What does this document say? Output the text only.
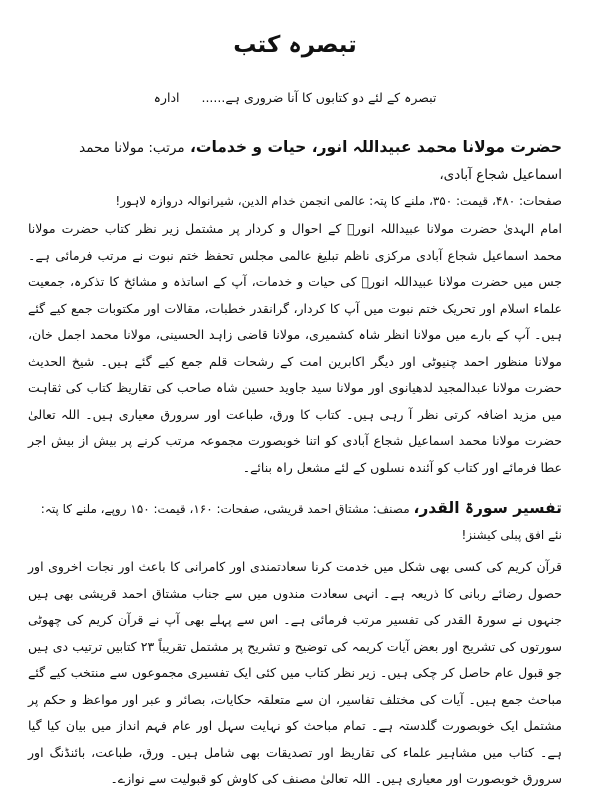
تبصرہ کتب
تبصرہ کے لئے دو کتابوں کا آنا ضروری ہے......ادارہ

حضرت مولانا محمد عبیداللہ انور، حیات و خدمات، مرتب: مولانا محمد اسماعیل شجاع آبادی،

صفحات: ۴۸۰، قیمت: ۳۵۰، ملنے کا پتہ: عالمی انجمن خدام الدین، شیرانوالہ دروازہ لاہور!

امام الہدیٰ حضرت مولانا عبیداللہ انورؒ کے احوال و کردار پر مشتمل زیر نظر کتاب حضرت مولانا محمد اسماعیل شجاع آبادی مرکزی ناظم تبلیغ عالمی مجلس تحفظ ختم نبوت نے مرتب فرمائی ہے۔ جس میں حضرت مولانا عبیداللہ انورؒ کی حیات و خدمات، آپ کے اساتذہ و مشائخ کا تذکرہ، جمعیت علماء اسلام اور تحریک ختم نبوت میں آپ کا کردار، گرانقدر خطبات، مقالات اور مکتوبات جمع کیے گئے ہیں۔ آپ کے بارے میں مولانا انظر شاہ کشمیری، مولانا قاضی زاہد الحسینی، مولانا محمد اجمل خان، مولانا منظور احمد چنیوٹی اور دیگر اکابرین امت کے رشحات قلم جمع کیے گئے ہیں۔ شیخ الحدیث حضرت مولانا عبدالمجید لدھیانوی اور مولانا سید جاوید حسین شاہ صاحب کی تقاریظ کتاب کی ثقاہت میں مزید اضافہ کرتی نظر آ رہی ہیں۔ کتاب کا ورق، طباعت اور سرورق معیاری ہیں۔ اللہ تعالیٰ حضرت مولانا محمد اسماعیل شجاع آبادی کو اتنا خوبصورت مجموعہ مرتب کرنے پر بیش از بیش اجر عطا فرمائے اور کتاب کو آئندہ نسلوں کے لئے مشعل راہ بنائے۔

تفسیر سورۃ القدر، مصنف: مشتاق احمد قریشی، صفحات: ۱۶۰، قیمت: ۱۵۰ روپے، ملنے کا پتہ: نئے افق پبلی کیشنز!

قرآن کریم کی کسی بھی شکل میں خدمت کرنا سعادتمندی اور کامرانی کا باعث اور نجات اخروی اور حصول رضائے ربانی کا ذریعہ ہے۔ انہی سعادت مندوں میں سے جناب مشتاق احمد قریشی بھی ہیں جنہوں نے سورۃ القدر کی تفسیر مرتب فرمائی ہے۔ اس سے پہلے بھی آپ نے قرآن کریم کی چھوٹی سورتوں کی تشریح اور بعض آیات کریمہ کی توضیح و تشریح پر مشتمل تقریباً ۲۳ کتابیں ترتیب دی ہیں جو قبول عام حاصل کر چکی ہیں۔ زیر نظر کتاب میں کئی ایک تفسیری مجموعوں سے منتخب کیے گئے مباحث جمع ہیں۔ آیات کی مختلف تفاسیر، ان سے متعلقہ حکایات، بصائر و عبر اور مواعظ و حکم پر مشتمل ایک خوبصورت گلدستہ ہے۔ تمام مباحث کو نہایت سہل اور عام فہم انداز میں بیان کیا گیا ہے۔ کتاب میں مشاہیر علماء کی تقاریظ اور تصدیقات بھی شامل ہیں۔ ورق، طباعت، بائنڈنگ اور سرورق خوبصورت اور معیاری ہیں۔ اللہ تعالیٰ مصنف کی کاوش کو قبولیت سے نوازے۔
